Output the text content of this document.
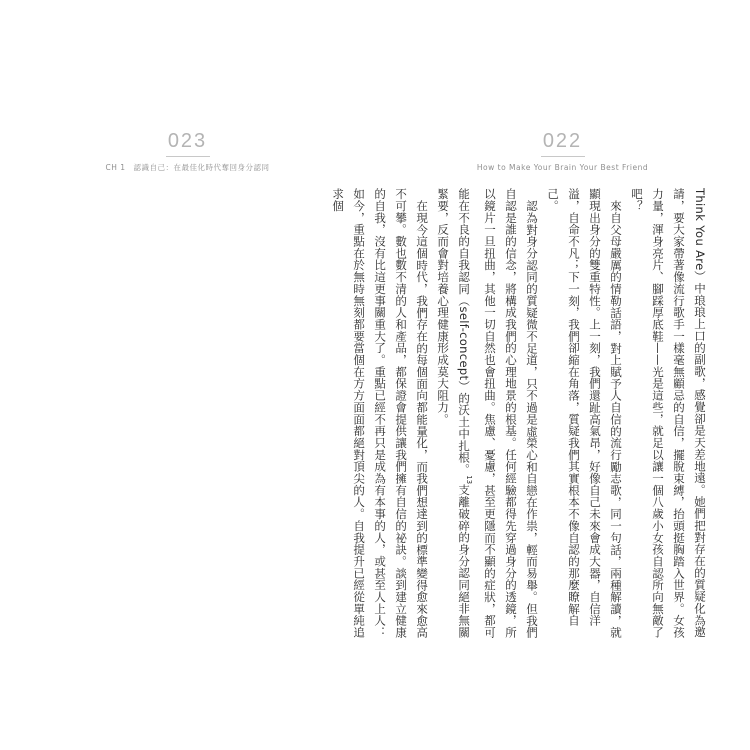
022
How to Make Your Brain Your Best Friend

Think You Are）中琅琅上口的副歌，感覺卻是天差地遠。她們把對存在的質疑化為邀請，要大家帶著像流行歌手一樣毫無顧忌的自信，擺脫束縛，抬頭挺胸踏入世界。女孩力量，渾身亮片、腳踩厚底鞋——光是這些，就足以讓一個八歲小女孩自認所向無敵了吧？

來自父母嚴厲的情勒話語，對上賦予人自信的流行勵志歌，同一句話，兩種解讀，就顯現出身分的雙重特性。上一刻，我們還趾高氣昂，好像自己未來會成大器，自信洋溢，自命不凡；下一刻，我們卻縮在角落，質疑我們其實根本不像自認的那麼瞭解自己。

認為對身分認同的質疑微不足道，只不過是虛榮心和自戀在作祟，輕而易舉。但我們自認是誰的信念，將構成我們的心理地景的根基。任何經驗都得先穿過身分的透鏡，所以鏡片一旦扭曲，其他一切自然也會扭曲。焦慮、憂慮，甚至更隱而不顯的症狀，都可能在不良的自我認同（self-concept）的沃土中扎根。$^{13}$支離破碎的身分認同絕非無關緊要，反而會對培養心理健康形成莫大阻力。

在現今這個時代，我們存在的每個面向都能量化，而我們想達到的標準變得愈來愈高不可攀。數也數不清的人和產品，都保證會提供讓我們擁有自信的祕訣。談到建立健康的自我，沒有比這更事關重大了。重點已經不再只是成為有本事的人，或甚至人上人：如今，重點在於無時無刻都要當個在方方面面都絕對頂尖的人。自我提升已經從單純追求個

023
CH 1　認識自己：在最佳化時代奪回身分認同
